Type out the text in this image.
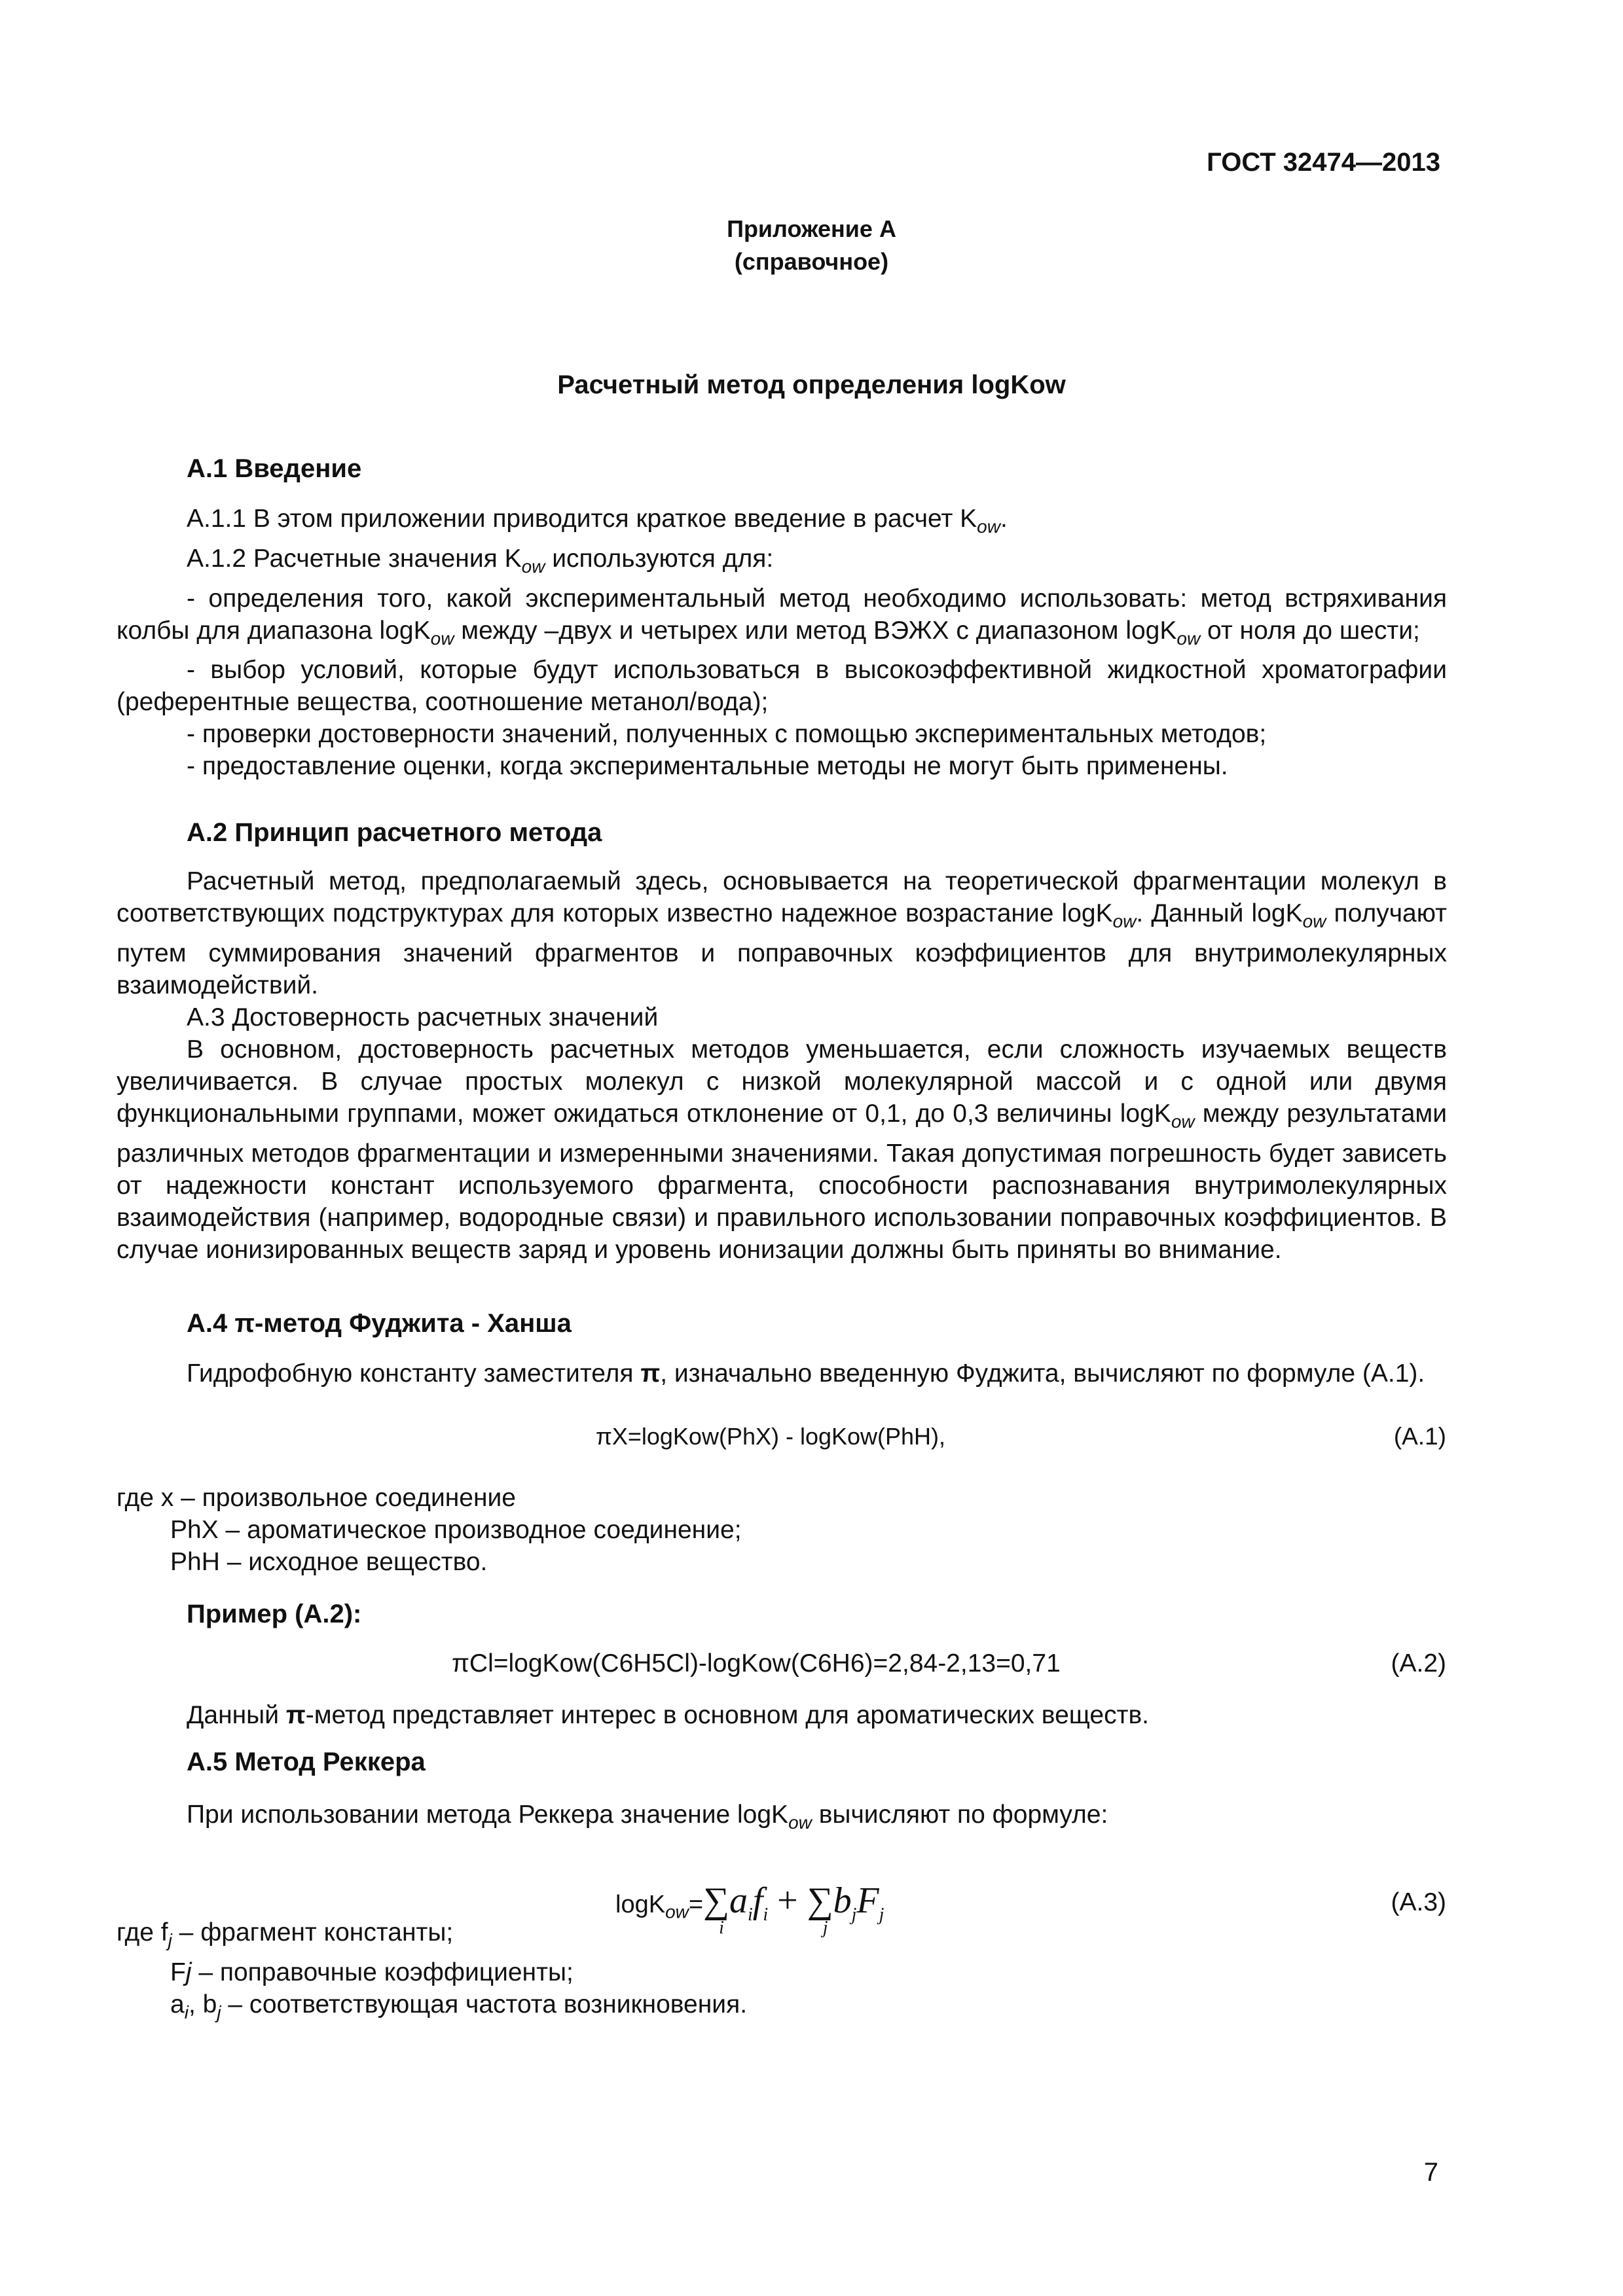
ГОСТ 32474—2013
Приложение А
(справочное)
Расчетный метод определения logKow
А.1 Введение

А.1.1 В этом приложении приводится краткое введение в расчет $K_{ow}$.

А.1.2 Расчетные значения $K_{ow}$ используются для:

- определения того, какой экспериментальный метод необходимо использовать: метод встряхивания колбы для диапазона logK$_{ow}$ между –двух и четырех или метод ВЭЖХ с диапазоном logK$_{ow}$ от ноля до шести;

- выбор условий, которые будут использоваться в высокоэффективной жидкостной хроматографии (референтные вещества, соотношение метанол/вода);

- проверки достоверности значений, полученных с помощью экспериментальных методов;

- предоставление оценки, когда экспериментальные методы не могут быть применены.

А.2 Принцип расчетного метода

Расчетный метод, предполагаемый здесь, основывается на теоретической фрагментации молекул в соответствующих подструктурах для которых известно надежное возрастание logK$_{ow}$. Данный logK$_{ow}$ получают путем суммирования значений фрагментов и поправочных коэффициентов для внутримолекулярных взаимодействий.

А.3 Достоверность расчетных значений

В основном, достоверность расчетных методов уменьшается, если сложность изучаемых веществ увеличивается. В случае простых молекул с низкой молекулярной массой и с одной или двумя функциональными группами, может ожидаться отклонение от 0,1, до 0,3 величины logK$_{ow}$ между результатами различных методов фрагментации и измеренными значениями. Такая допустимая погрешность будет зависеть от надежности констант используемого фрагмента, способности распознавания внутримолекулярных взаимодействия (например, водородные связи) и правильного использовании поправочных коэффициентов. В случае ионизированных веществ заряд и уровень ионизации должны быть приняты во внимание.

А.4 π-метод Фуджита - Ханша

Гидрофобную константу заместителя π, изначально введенную Фуджита, вычисляют по формуле (А.1).

πX=logKow(PhX) - logKow(PhH),	(А.1)

где х – произвольное соединение

PhX – ароматическое производное соединение;

PhH – исходное вещество.

Пример (А.2):
πCl=logKow(C6H5Cl)-logKow(C6H6)=2,84-2,13=0,71	(А.2)
Данный π-метод представляет интерес в основном для ароматических веществ.
А.5 Метод Реккера
При использовании метода Реккера значение logK$_{ow}$ вычисляют по формуле:
logK$_{ow}$=∑
i
$a_if_i$ + ∑
j
$b_jF_j$	(А.3)

где $f_j$ – фрагмент константы;

Fj – поправочные коэффициенты;

$a_i$, $b_j$ – соответствующая частота возникновения.

7
